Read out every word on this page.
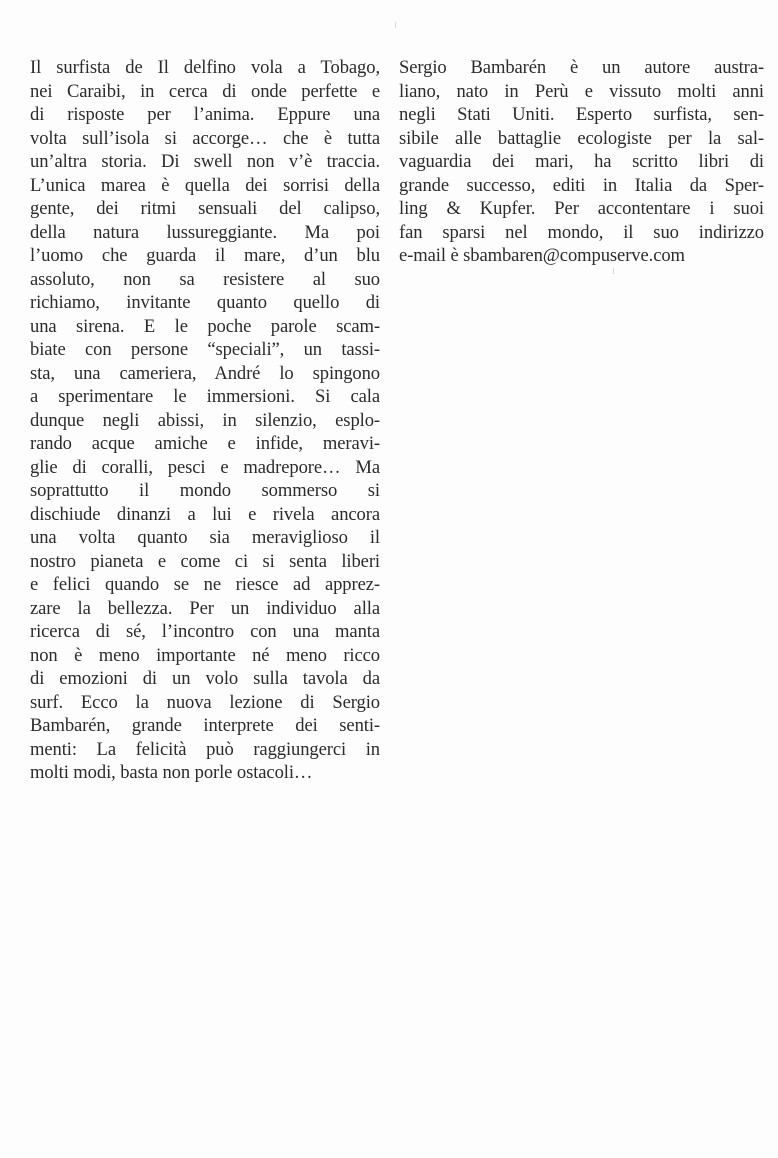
Il surfista de Il delfino vola a Tobago,
nei Caraibi, in cerca di onde perfette e
di risposte per l’anima. Eppure una
volta sull’isola si accorge… che è tutta
un’altra storia. Di swell non v’è traccia.
L’unica marea è quella dei sorrisi della
gente, dei ritmi sensuali del calipso,
della natura lussureggiante. Ma poi
l’uomo che guarda il mare, d’un blu
assoluto, non sa resistere al suo
richiamo, invitante quanto quello di
una sirena. E le poche parole scam-
biate con persone “speciali”, un tassi-
sta, una cameriera, André lo spingono
a sperimentare le immersioni. Si cala
dunque negli abissi, in silenzio, esplo-
rando acque amiche e infide, meravi-
glie di coralli, pesci e madrepore… Ma
soprattutto il mondo sommerso si
dischiude dinanzi a lui e rivela ancora
una volta quanto sia meraviglioso il
nostro pianeta e come ci si senta liberi
e felici quando se ne riesce ad apprez-
zare la bellezza. Per un individuo alla
ricerca di sé, l’incontro con una manta
non è meno importante né meno ricco
di emozioni di un volo sulla tavola da
surf. Ecco la nuova lezione di Sergio
Bambarén, grande interprete dei senti-
menti: La felicità può raggiungerci in
molti modi, basta non porle ostacoli…
Sergio Bambarén è un autore austra-
liano, nato in Perù e vissuto molti anni
negli Stati Uniti. Esperto surfista, sen-
sibile alle battaglie ecologiste per la sal-
vaguardia dei mari, ha scritto libri di
grande successo, editi in Italia da Sper-
ling & Kupfer. Per accontentare i suoi
fan sparsi nel mondo, il suo indirizzo
e-mail è sbambaren@compuserve.com
